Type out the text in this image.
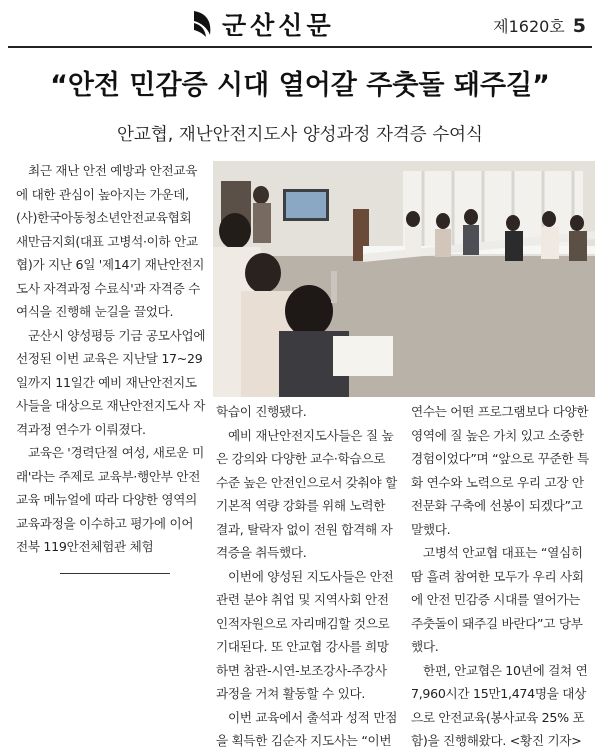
군산신문	제1620호 5
“안전 민감증 시대 열어갈 주춧돌 돼주길”
안교협, 재난안전지도사 양성과정 자격증 수여식

최근 재난 안전 예방과 안전교육에 대한 관심이 높아지는 가운데, (사)한국아동청소년안전교육협회 새만금지회(대표 고병석·이하 안교협)가 지난 6일 '제14기 재난안전지도사 자격과정 수료식'과 자격증 수여식을 진행해 눈길을 끌었다.

군산시 양성평등 기금 공모사업에 선정된 이번 교육은 지난달 17~29일까지 11일간 예비 재난안전지도사들을 대상으로 재난안전지도사 자격과정 연수가 이뤄졌다.

교육은 '경력단절 여성, 새로운 미래'라는 주제로 교육부·행안부 안전교육 메뉴얼에 따라 다양한 영역의 교육과정을 이수하고 평가에 이어 전북 119안전체험관 체험

학습이 진행됐다.

예비 재난안전지도사들은 질 높은 강의와 다양한 교수·학습으로 수준 높은 안전인으로서 갖춰야 할 기본적 역량 강화를 위해 노력한 결과, 탈락자 없이 전원 합격해 자격증을 취득했다.

이번에 양성된 지도사들은 안전 관련 분야 취업 및 지역사회 안전인적자원으로 자리매김할 것으로 기대된다. 또 안교협 강사를 희망하면 참관-시연-보조강사-주강사 과정을 거쳐 활동할 수 있다.

이번 교육에서 출석과 성적 만점을 획득한 김순자 지도사는 “이번

연수는 어떤 프로그램보다 다양한 영역에 질 높은 가치 있고 소중한 경험이었다”며 “앞으로 꾸준한 특화 연수와 노력으로 우리 고장 안전문화 구축에 선봉이 되겠다”고 말했다.

고병석 안교협 대표는 “열심히 땀 흘려 참여한 모두가 우리 사회에 안전 민감증 시대를 열어가는 주춧돌이 돼주길 바란다”고 당부했다.

한편, 안교협은 10년에 걸쳐 연 7,960시간 15만1,474명을 대상으로 안전교육(봉사교육 25% 포함)을 진행해왔다. <황진 기자>
